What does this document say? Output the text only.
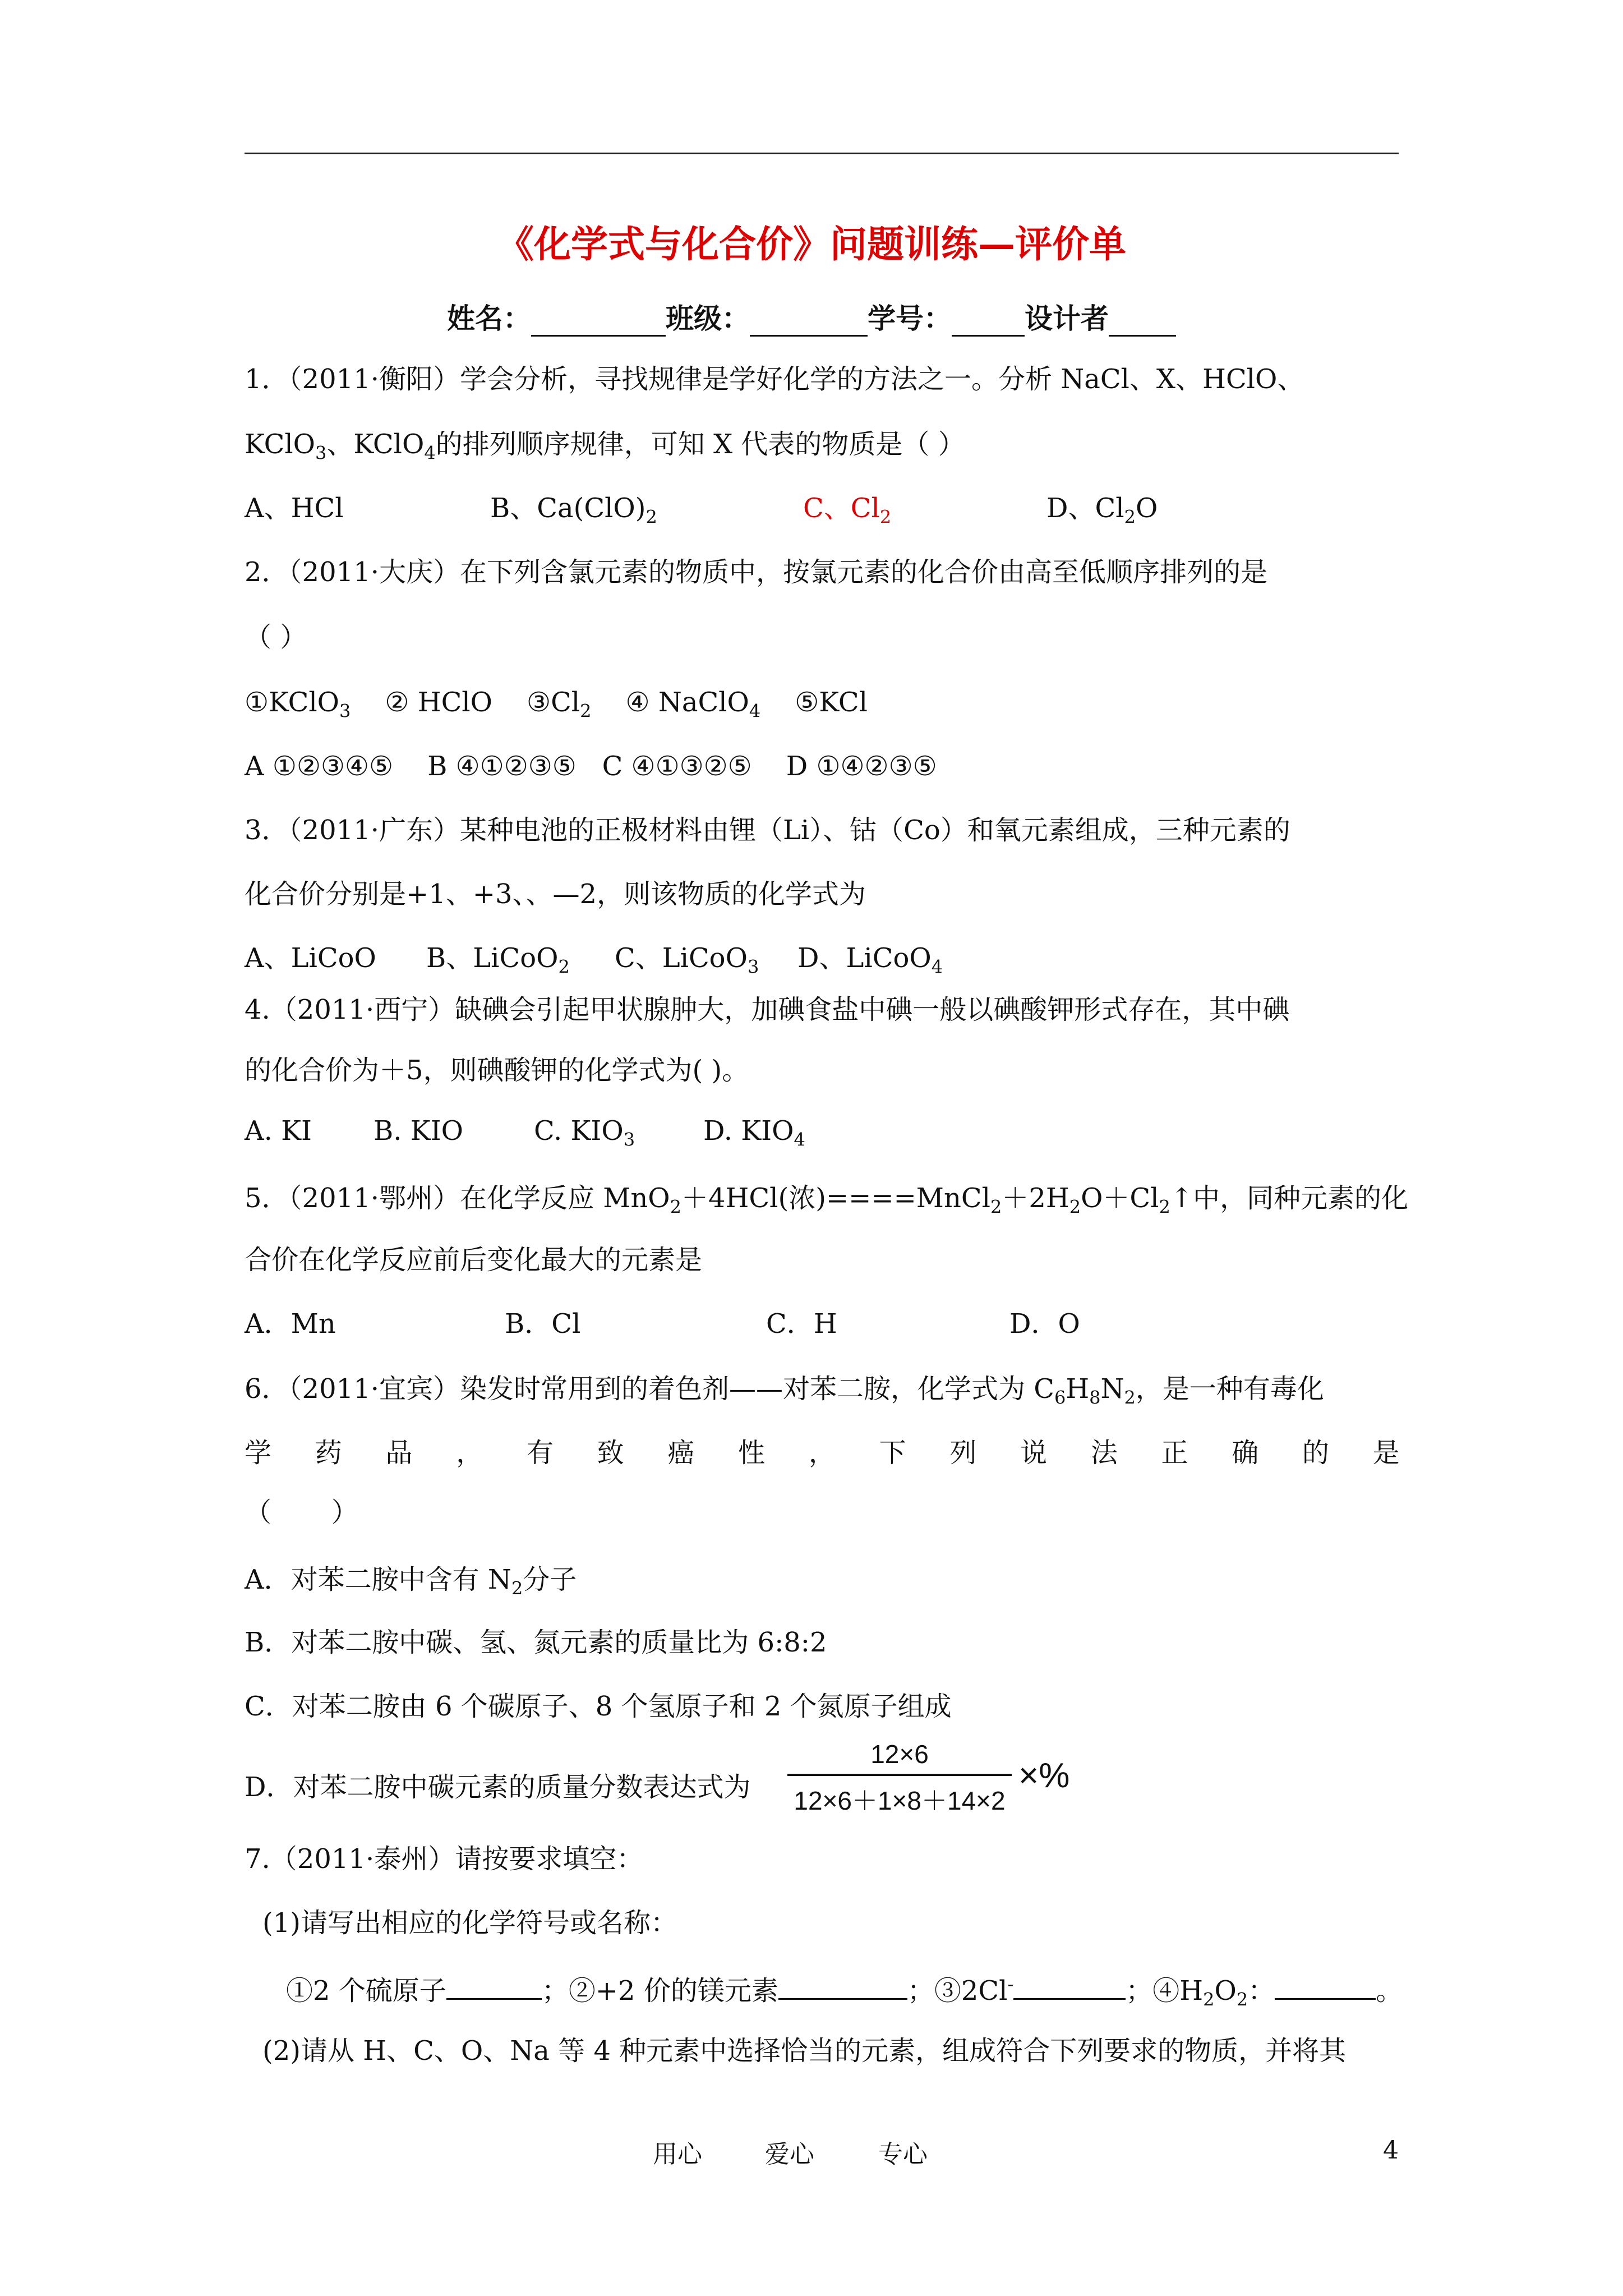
《化学式与化合价》问题训练—评价单
姓名：	班级：	学号：	设计者
1．（2011·衡阳）学会分析，寻找规律是学好化学的方法之一。分析 NaCl、X、HClO、
KClO$_3$、KClO$_4$的排列顺序规律，可知 X 代表的物质是（ ）
A、HCl	B、$Ca(ClO)_2$	C、$Cl_2$	D、$Cl_2O$
2．（2011·大庆）在下列含氯元素的物质中，按氯元素的化合价由高至低顺序排列的是
（ ）
①KClO$_3$    ② HClO    $③Cl_2$    ④ NaClO$_4$    ⑤KCl
A ①②③④⑤    B ④①②③⑤   C ④①③②⑤    D ①④②③⑤
3．（2011·广东）某种电池的正极材料由锂（Li）、钴（Co）和氧元素组成，三种元素的
化合价分别是+1、+3、、—2，则该物质的化学式为
A、LiCoO B、LiCoO$_2$ C、LiCoO$_3$ D、LiCoO$_4$
4.（2011·西宁）缺碘会引起甲状腺肿大，加碘食盐中碘一般以碘酸钾形式存在，其中碘
的化合价为＋5，则碘酸钾的化学式为( )。
A. KI B. KIO	C. $KIO_3$	D. $KIO_4$
5．（2011·鄂州）在化学反应 MnO$_2$＋4HCl(浓)$====MnCl_2+2H_2O+Cl_2↑$中，同种元素的化
合价在化学反应前后变化最大的元素是
A．Mn	B．Cl	C．H	D．O
6．（2011·宜宾）染发时常用到的着色剂——对苯二胺，化学式为 $C_6H_8N_2$，是一种有毒化
学 药 品 ， 有 致 癌 性 ， 下 列 说 法 正 确 的 是
（       ）
A．对苯二胺中含有 $N_2$分子
B．对苯二胺中碳、氢、氮元素的质量比为 6:8:2
C．对苯二胺由 6 个碳原子、8 个氢原子和 2 个氮原子组成
D．对苯二胺中碳元素的质量分数表达式为
12×6
12×6＋1×8＋14×2
×%
7.（2011·泰州）请按要求填空：
(1)请写出相应的化学符号或名称：
①2 个硫原子	；②+2 价的镁元素	；③2Cl-	；$④H_2O_2$：	。
(2)请从 H、C、O、Na 等 4 种元素中选择恰当的元素，组成符合下列要求的物质，并将其
用心	爱心	专心	4
